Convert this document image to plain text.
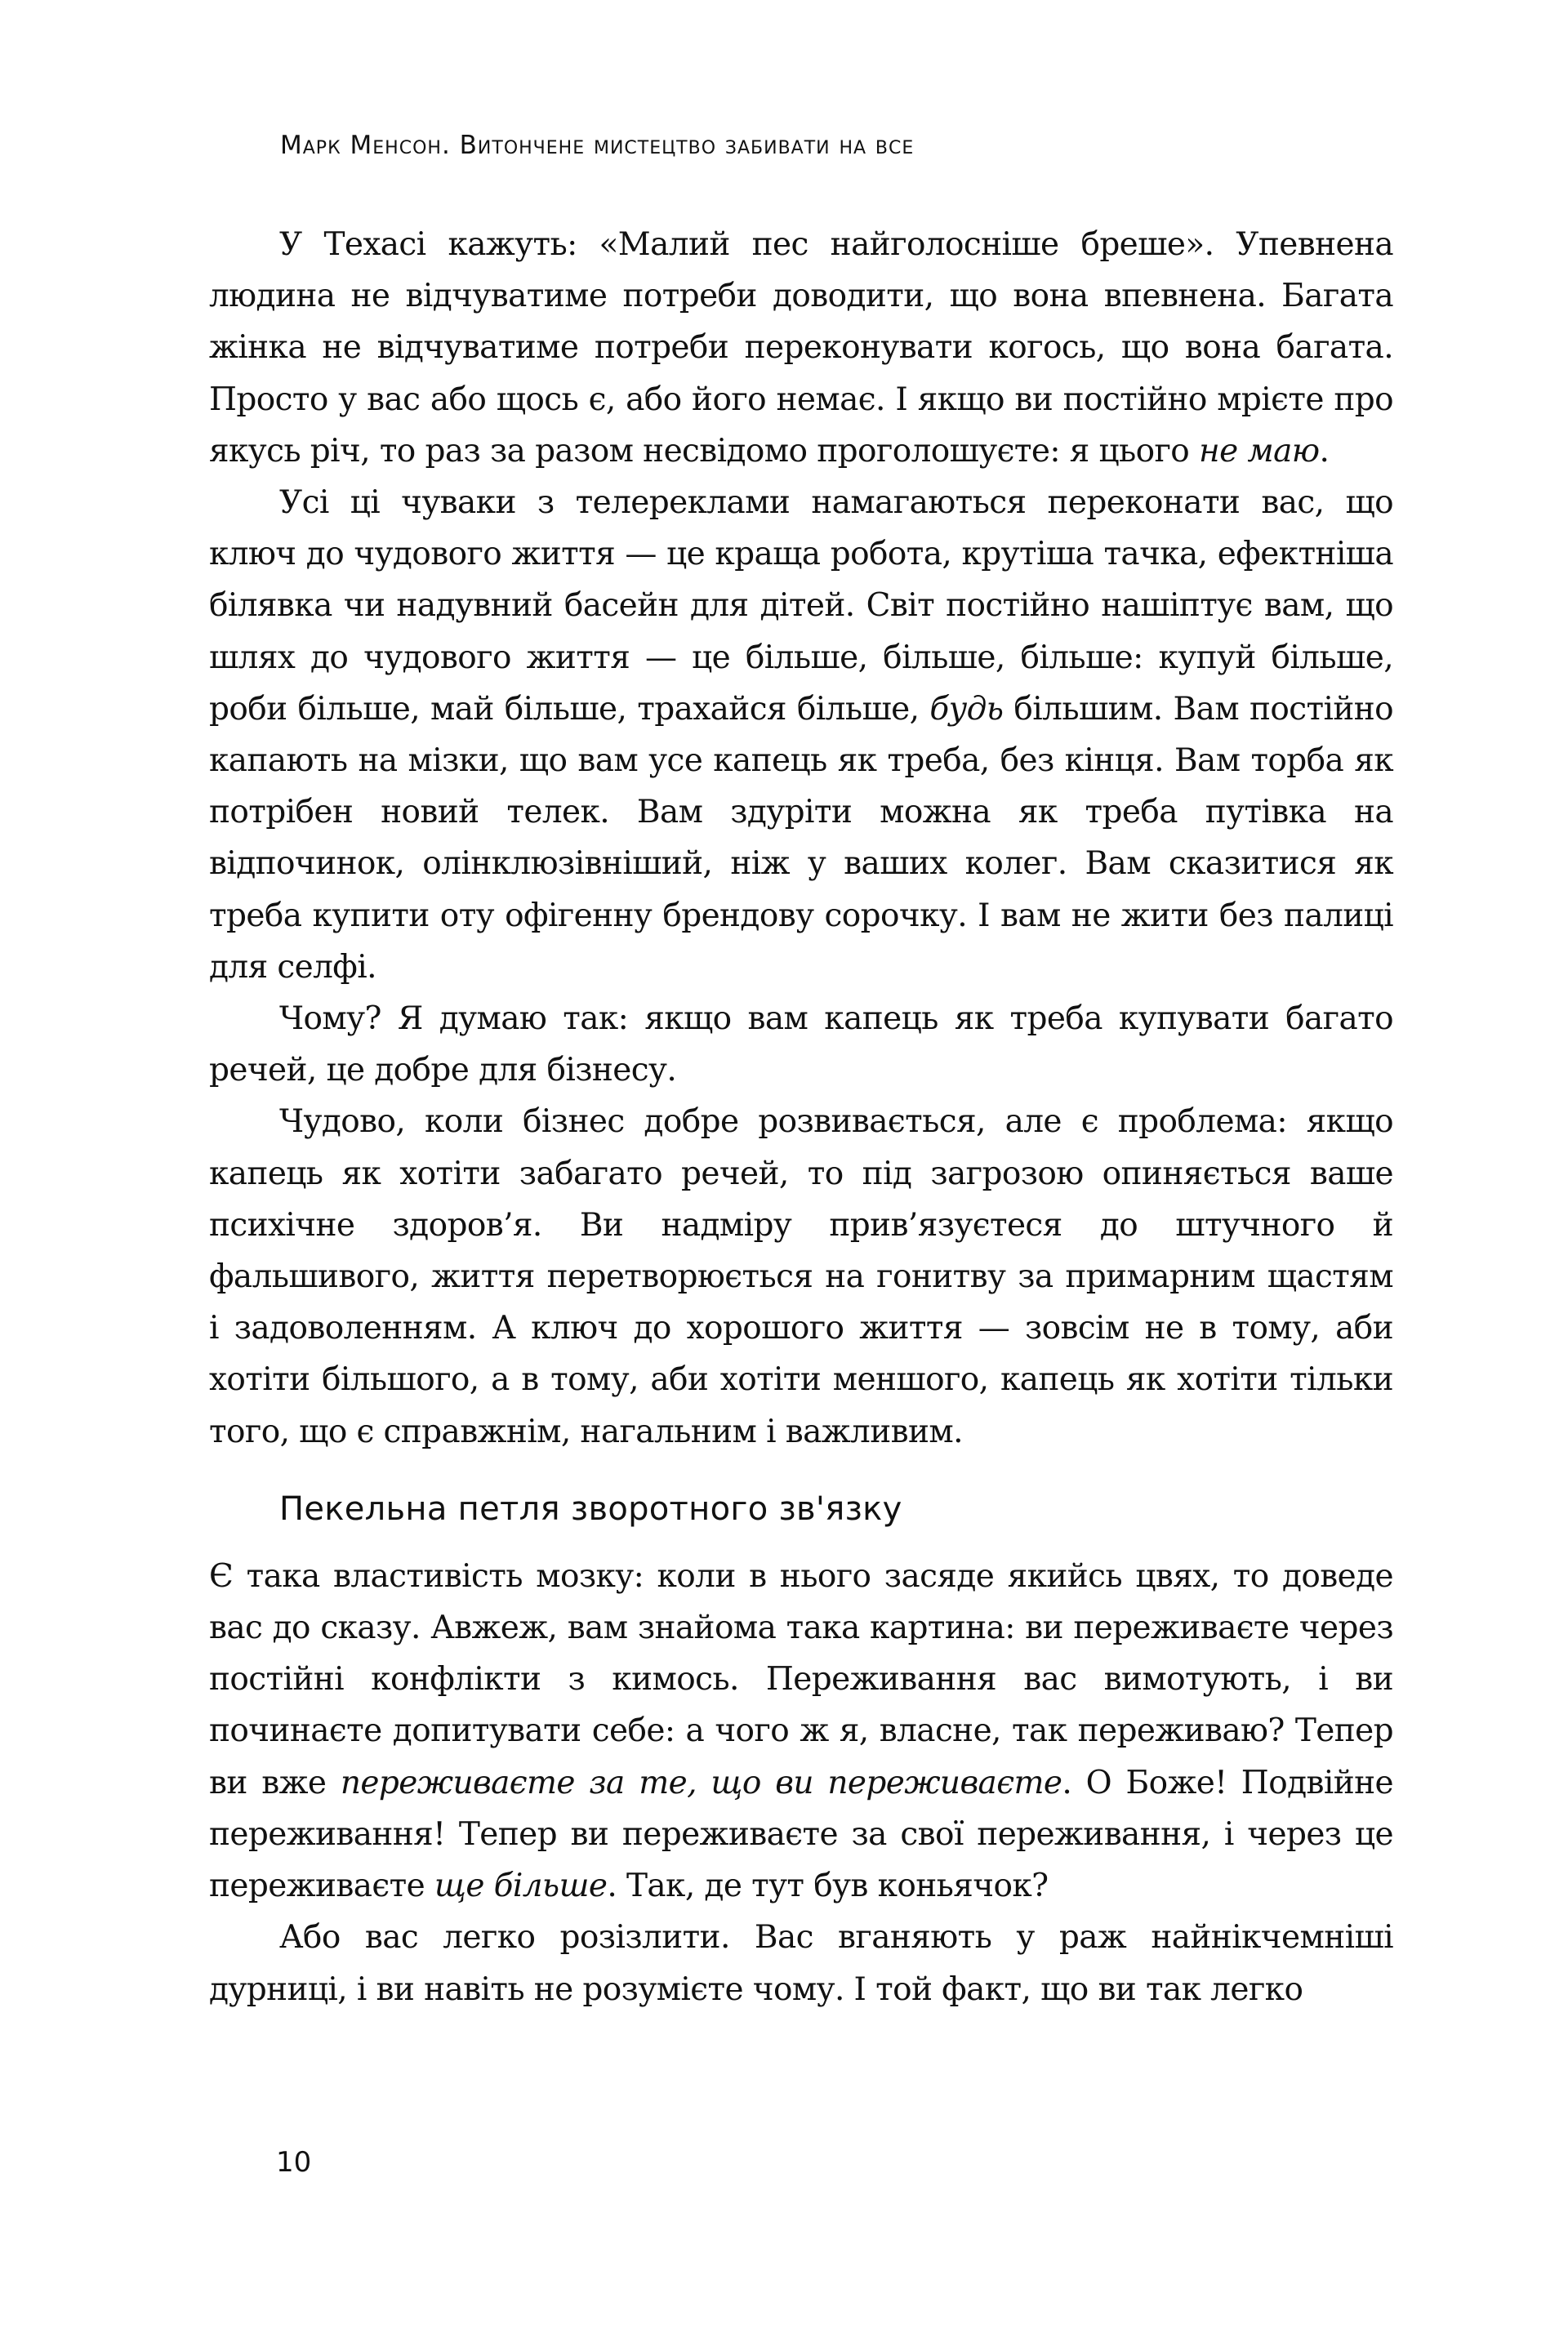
Марк Менсон. Витончене мистецтво забивати на все

У Техасі кажуть: «Малий пес найголосніше бреше». Упевнена людина не відчуватиме потреби доводити, що вона впевнена. Багата жінка не відчуватиме потреби переконувати когось, що вона багата. Просто у вас або щось є, або його немає. І якщо ви постійно мрієте про якусь річ, то раз за разом несвідомо проголошуєте: я цього не маю.

Усі ці чуваки з телереклами намагаються переконати вас, що ключ до чудового життя — це краща робота, крутіша тачка, ефектніша білявка чи надувний басейн для дітей. Світ постійно нашіптує вам, що шлях до чудового життя — це більше, більше, більше: купуй більше, роби більше, май більше, трахайся більше, будь більшим. Вам постійно капають на мізки, що вам усе капець як треба, без кінця. Вам торба як потрібен новий телек. Вам здуріти можна як треба путівка на відпочинок, олінклюзівніший, ніж у ваших колег. Вам сказитися як треба купити оту офігенну брендову сорочку. І вам не жити без палиці для селфі.

Чому? Я думаю так: якщо вам капець як треба купувати багато речей, це добре для бізнесу.

Чудово, коли бізнес добре розвивається, але є проблема: якщо капець як хотіти забагато речей, то під загрозою опиняється ваше психічне здоров’я. Ви надміру прив’язуєтеся до штучного й фальшивого, життя перетворюється на гонитву за примарним щастям і задоволенням. А ключ до хорошого життя — зовсім не в тому, аби хотіти більшого, а в тому, аби хотіти меншого, капець як хотіти тільки того, що є справжнім, нагальним і важливим.

Пекельна петля зворотного зв'язку

Є така властивість мозку: коли в нього засяде якийсь цвях, то доведе вас до сказу. Авжеж, вам знайома така картина: ви переживаєте через постійні конфлікти з кимось. Переживання вас вимотують, і ви починаєте допитувати себе: а чого ж я, власне, так переживаю? Тепер ви вже переживаєте за те, що ви переживаєте. О Боже! Подвійне переживання! Тепер ви переживаєте за свої переживання, і через це переживаєте ще більше. Так, де тут був коньячок?

Або вас легко розізлити. Вас вганяють у раж найнікчемніші дурниці, і ви навіть не розумієте чому. І той факт, що ви так легко

10
